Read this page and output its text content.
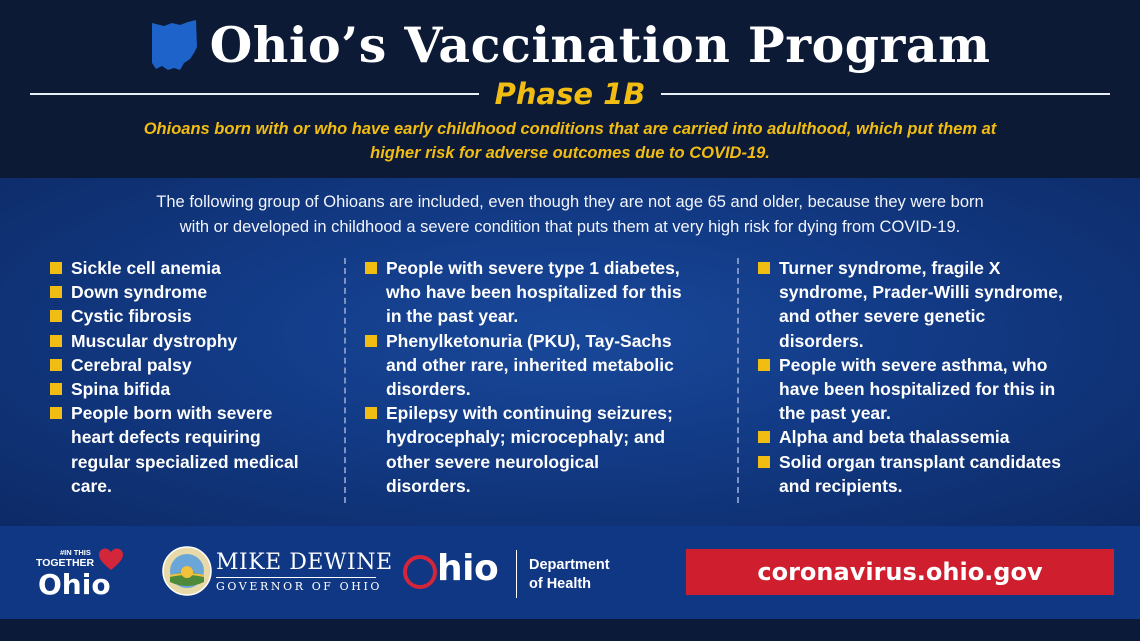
Ohio’s Vaccination Program
Phase 1B
Ohioans born with or who have early childhood conditions that are carried into adulthood, which put them at
higher risk for adverse outcomes due to COVID-19.
The following group of Ohioans are included, even though they are not age 65 and older, because they were born
with or developed in childhood a severe condition that puts them at very high risk for dying from COVID-19.
Sickle cell anemia
Down syndrome
Cystic fibrosis
Muscular dystrophy
Cerebral palsy
Spina bifida
People born with severe
heart defects requiring
regular specialized medical
care.
People with severe type 1 diabetes,
who have been hospitalized for this
in the past year.
Phenylketonuria (PKU), Tay-Sachs
and other rare, inherited metabolic
disorders.
Epilepsy with continuing seizures;
hydrocephaly; microcephaly; and
other severe neurological
disorders.
Turner syndrome, fragile X
syndrome, Prader-Willi syndrome,
and other severe genetic
disorders.
People with severe asthma, who
have been hospitalized for this in
the past year.
Alpha and beta thalassemia
Solid organ transplant candidates
and recipients.
#IN THIS
TOGETHER
Ohio
MIKE DEWINE
GOVERNOR OF OHIO hio Department
of Health	coronavirus.ohio.gov
